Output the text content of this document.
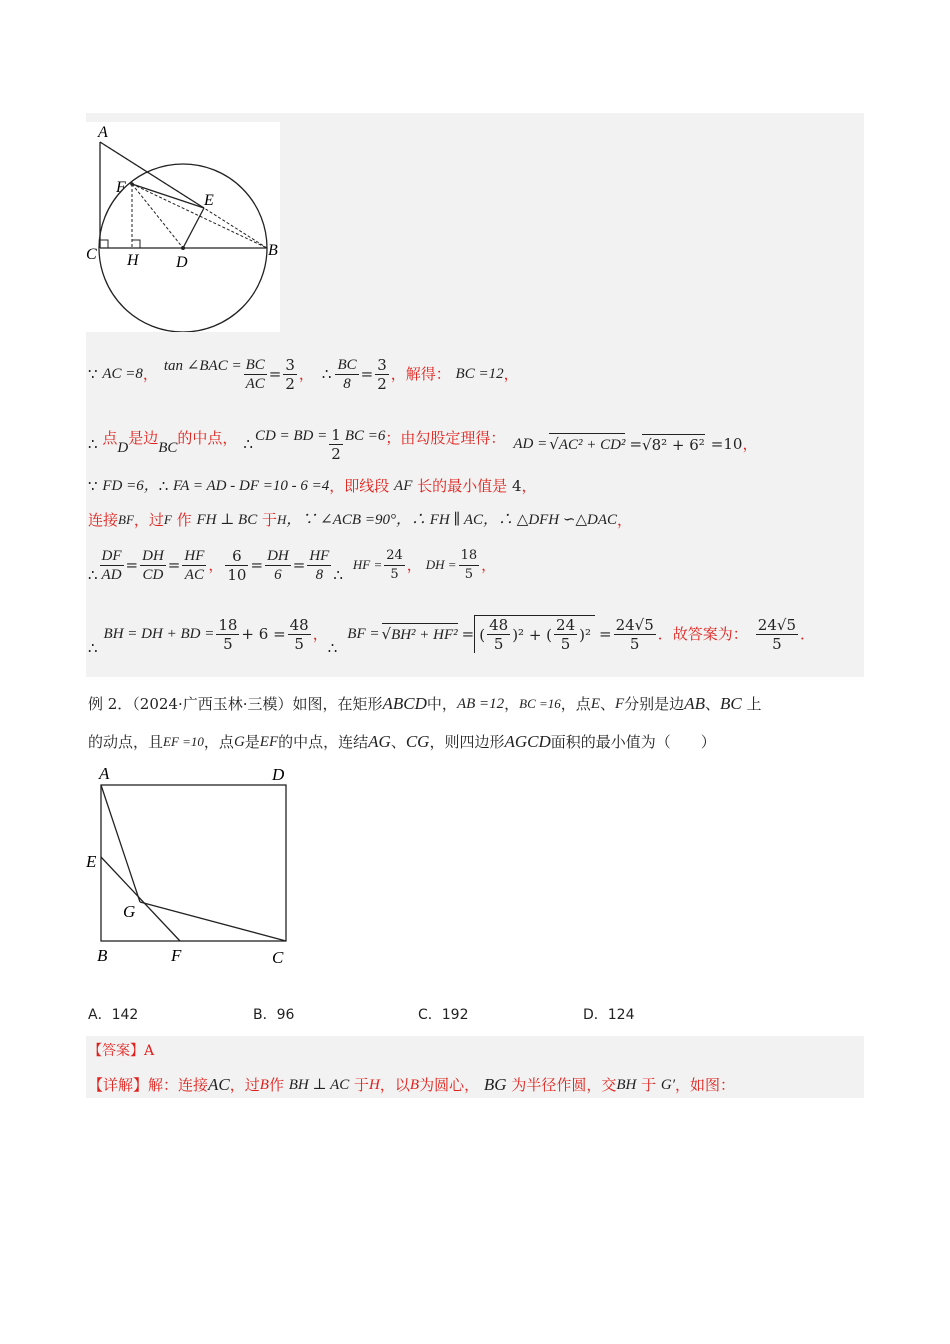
A
F
E
C H D
B
∵
AC =8 ， tan ∠BAC = $\frac{BC}{AC} = \frac{3}{2}$ ， ∴ $\frac{BC}{8} = \frac{3}{2}$ ，解得：
BC =12 ，
∴
点
D
是边
BC
的中点， ∴ CD = BD = $\frac{1}{2}$ BC =6 ；由勾股定理得： AD = √AC² + CD² = √8² + 6² =10 ，
∵
FD =6， ∴
FA = AD - DF =10 - 6 =4 ，即线段
AF
长的最小值是
4 ，
连接 BF ，过 F
作
FH ⊥ BC
于 H ，∵ ∠ACB =90° ，∴ FH ∥ AC ，∴ △DFH ∽△DAC ，
∴ $\frac{DF}{AD} = \frac{DH}{CD} = \frac{HF}{AC}$ ， $\frac{6}{10} = \frac{DH}{6} = \frac{HF}{8}$ ∴
HF = $\frac{24}{5}$ ， DH = $\frac{18}{5}$ ，
∴
BH = DH + BD = $\frac{18}{5} + 6 = \frac{48}{5}$ ，
∴
BF = √BH² + HF² = ( $\frac{48}{5} )^2$ + ( $\frac{24}{5} )^2 = \frac{24√5}{5}$ ．故答案为： $\frac{24√5}{5}$ ．
例 2．（2024·广西玉林·三模）如图，在矩形 ABCD 中， AB =12 ， BC =16 ，点 E 、 F 分别是边 AB 、 BC
上
的动点，且 EF =10 ，点 G 是 EF 的中点，连结 AG 、 CG ，则四边形 AGCD 面积的最小值为（　　）
A	D
E
G
B	F	C
A．142	B．96	C．192	D．124
【答案】A
【详解】 解：连接 AC ，过 B 作
BH ⊥ AC
于 H ，以 B 为圆心，
BG
为半径作圆，交 BH
于
G′ ，如图：
